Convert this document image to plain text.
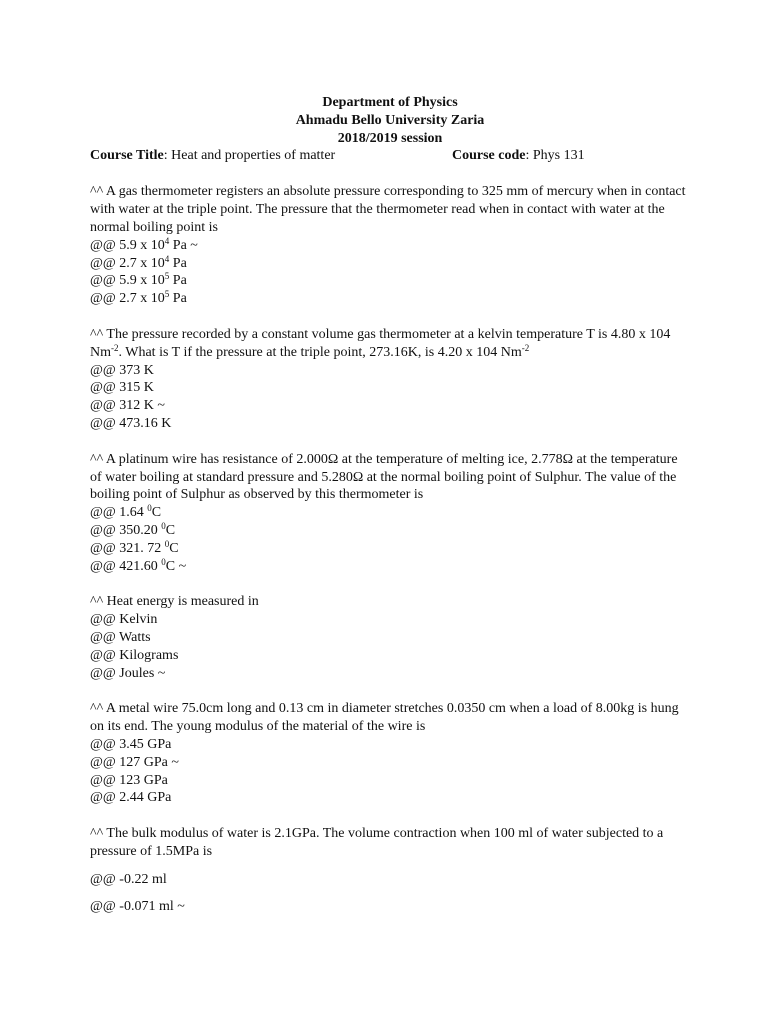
Department of Physics
Ahmadu Bello University Zaria
2018/2019 session
Course Title: Heat and properties of matter	Course code: Phys 131

^^ A gas thermometer registers an absolute pressure corresponding to 325 mm of mercury when in contact with water at the triple point. The pressure that the thermometer read when in contact with water at the normal boiling point is

@@ 5.9 x $10^4$ Pa ~

@@ 2.7 x $10^4$ Pa

@@ 5.9 x $10^5$ Pa

@@ 2.7 x $10^5$ Pa

^^ The pressure recorded by a constant volume gas thermometer at a kelvin temperature T is 4.80 x 104 $Nm^{-2}$. What is T if the pressure at the triple point, 273.16K, is 4.20 x 104 $Nm^{-2}$

@@ 373 K

@@ 315 K

@@ 312 K ~

@@ 473.16 K

^^ A platinum wire has resistance of 2.000Ω at the temperature of melting ice, 2.778Ω at the temperature of water boiling at standard pressure and 5.280Ω at the normal boiling point of Sulphur. The value of the boiling point of Sulphur as observed by this thermometer is

@@ 1.64 $^0$C

@@ 350.20 $^0$C

@@ 321. 72 $^0$C

@@ 421.60 $^0$C ~

^^ Heat energy is measured in

@@ Kelvin

@@ Watts

@@ Kilograms

@@ Joules ~

^^ A metal wire 75.0cm long and 0.13 cm in diameter stretches 0.0350 cm when a load of 8.00kg is hung on its end. The young modulus of the material of the wire is

@@ 3.45 GPa

@@ 127 GPa ~

@@ 123 GPa

@@ 2.44 GPa

^^ The bulk modulus of water is 2.1GPa. The volume contraction when 100 ml of water subjected to a pressure of 1.5MPa is

@@ -0.22 ml

@@ -0.071 ml ~
